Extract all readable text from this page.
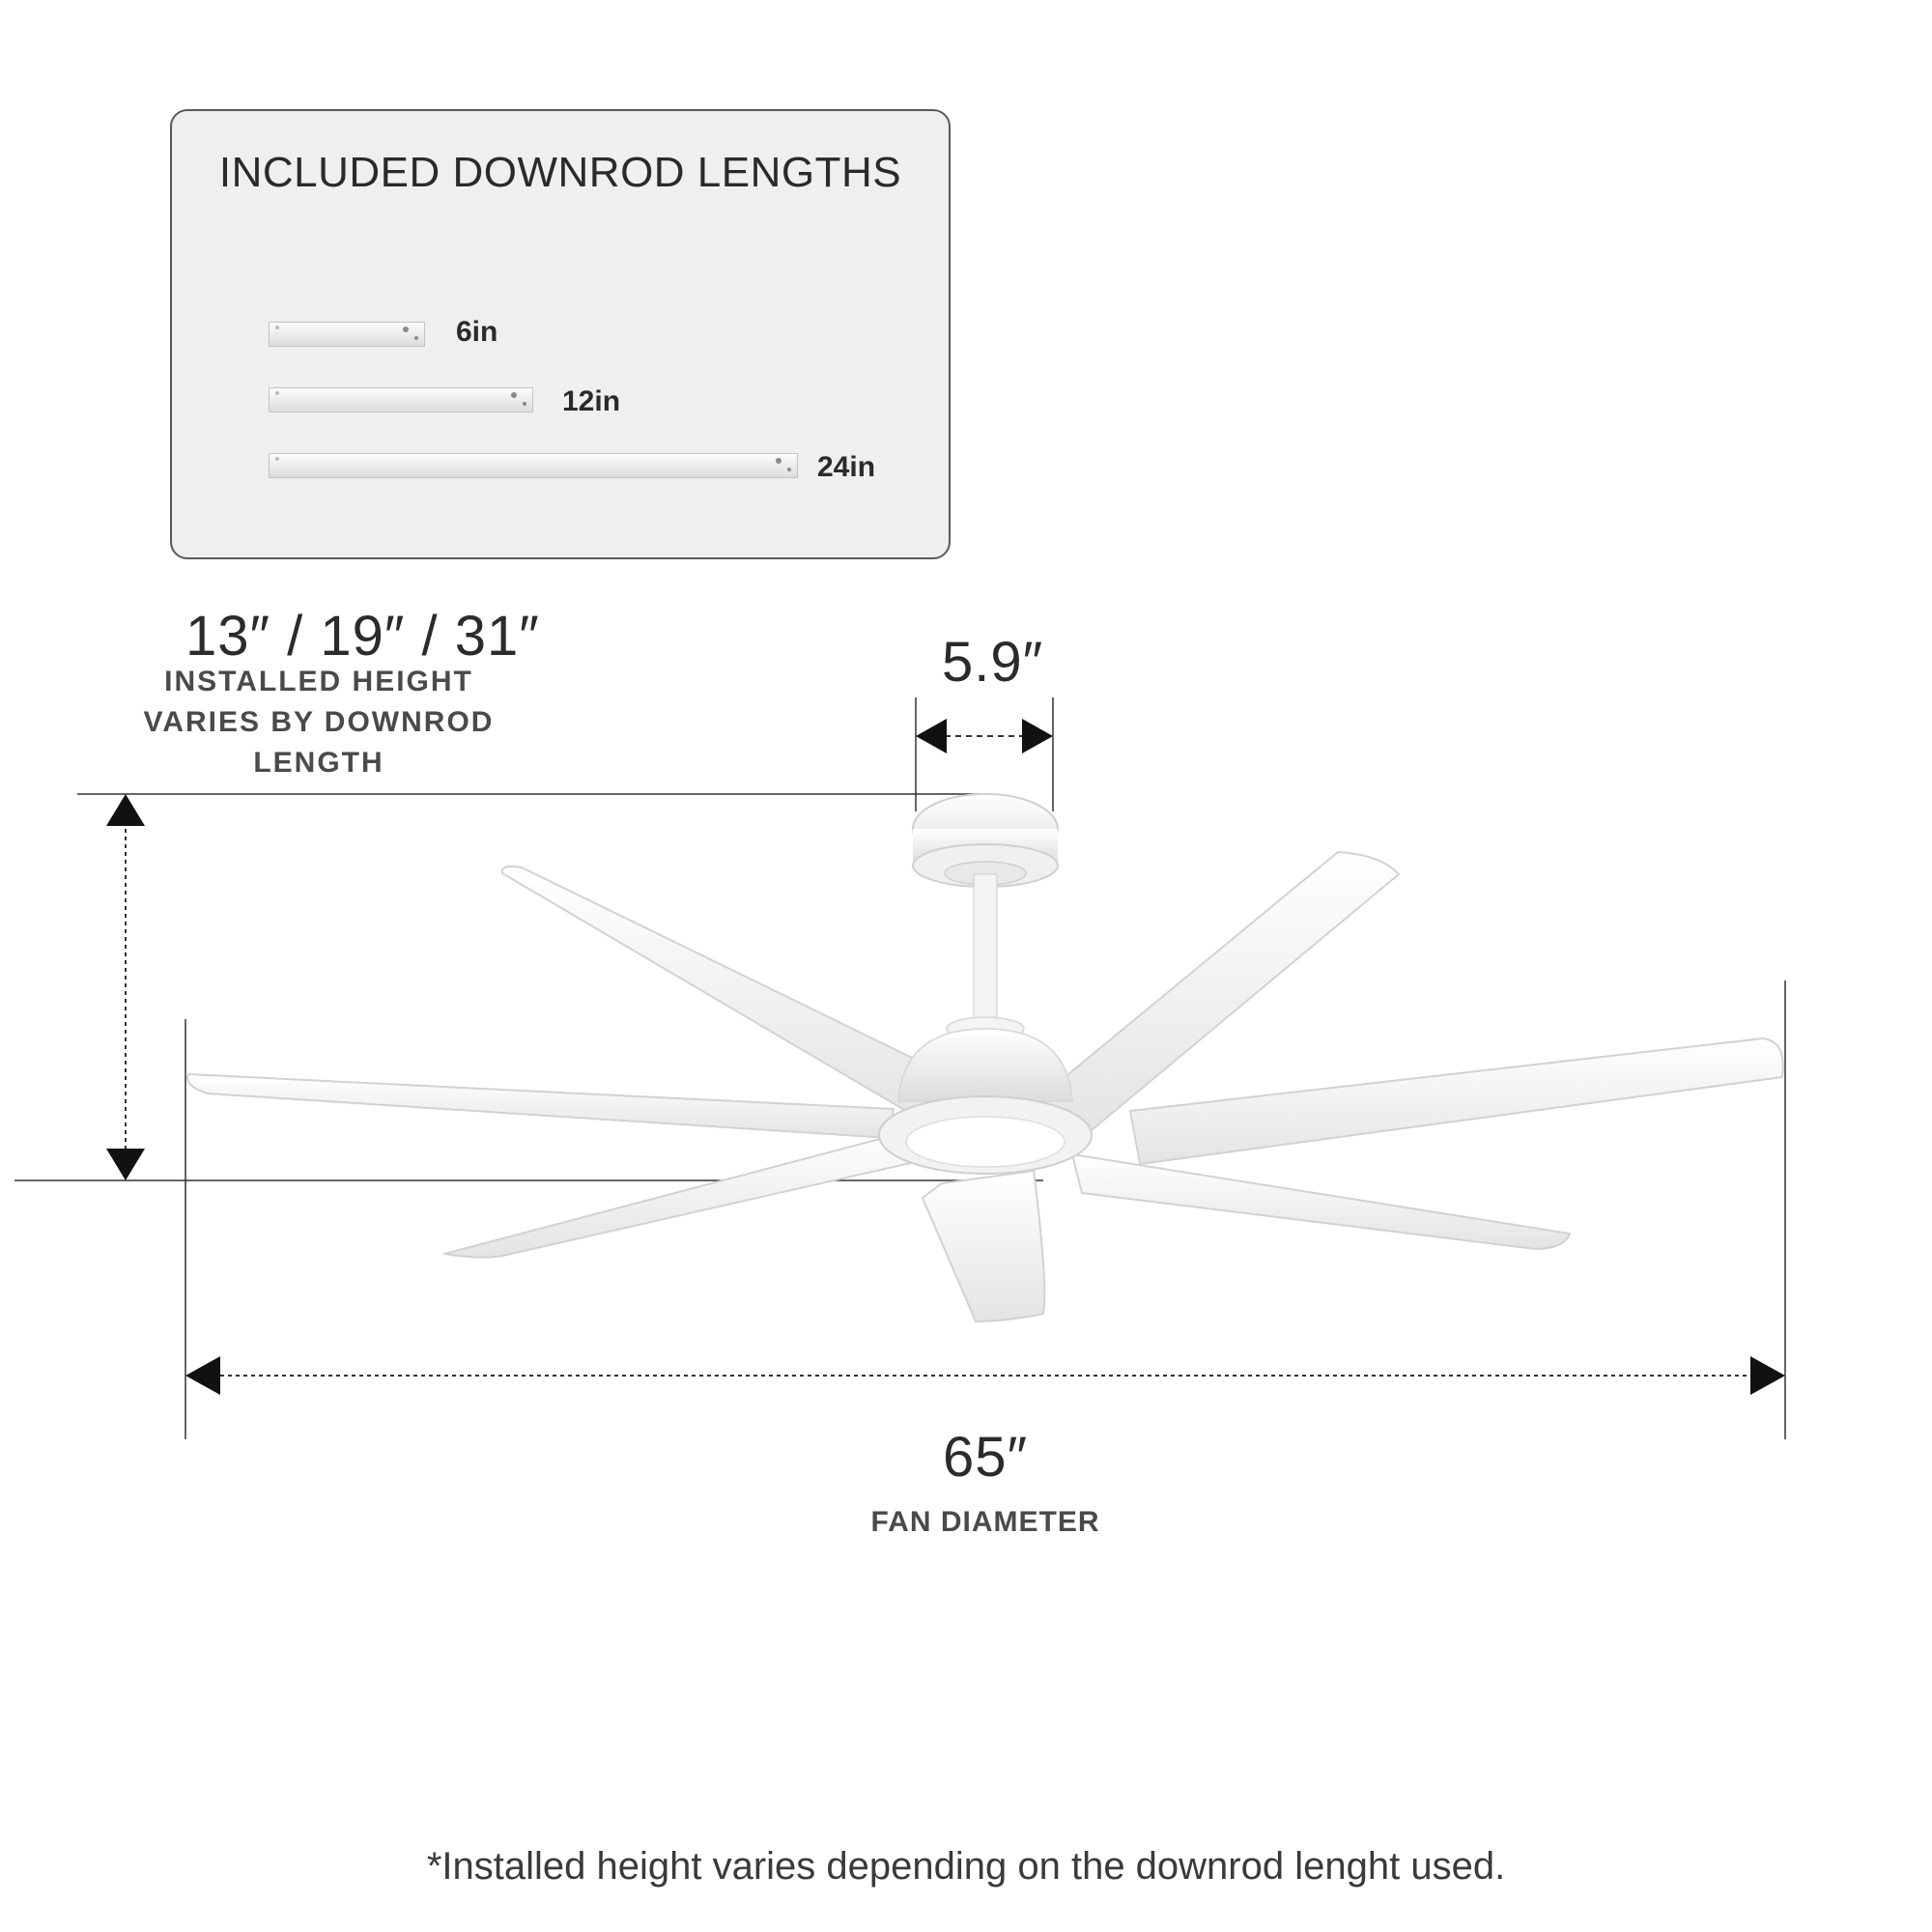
INCLUDED DOWNROD LENGTHS
6in
12in
24in
13″ / 19″ / 31″
INSTALLED HEIGHT VARIES BY DOWNROD LENGTH
5.9″
65″
FAN DIAMETER
*Installed height varies depending on the downrod lenght used.
